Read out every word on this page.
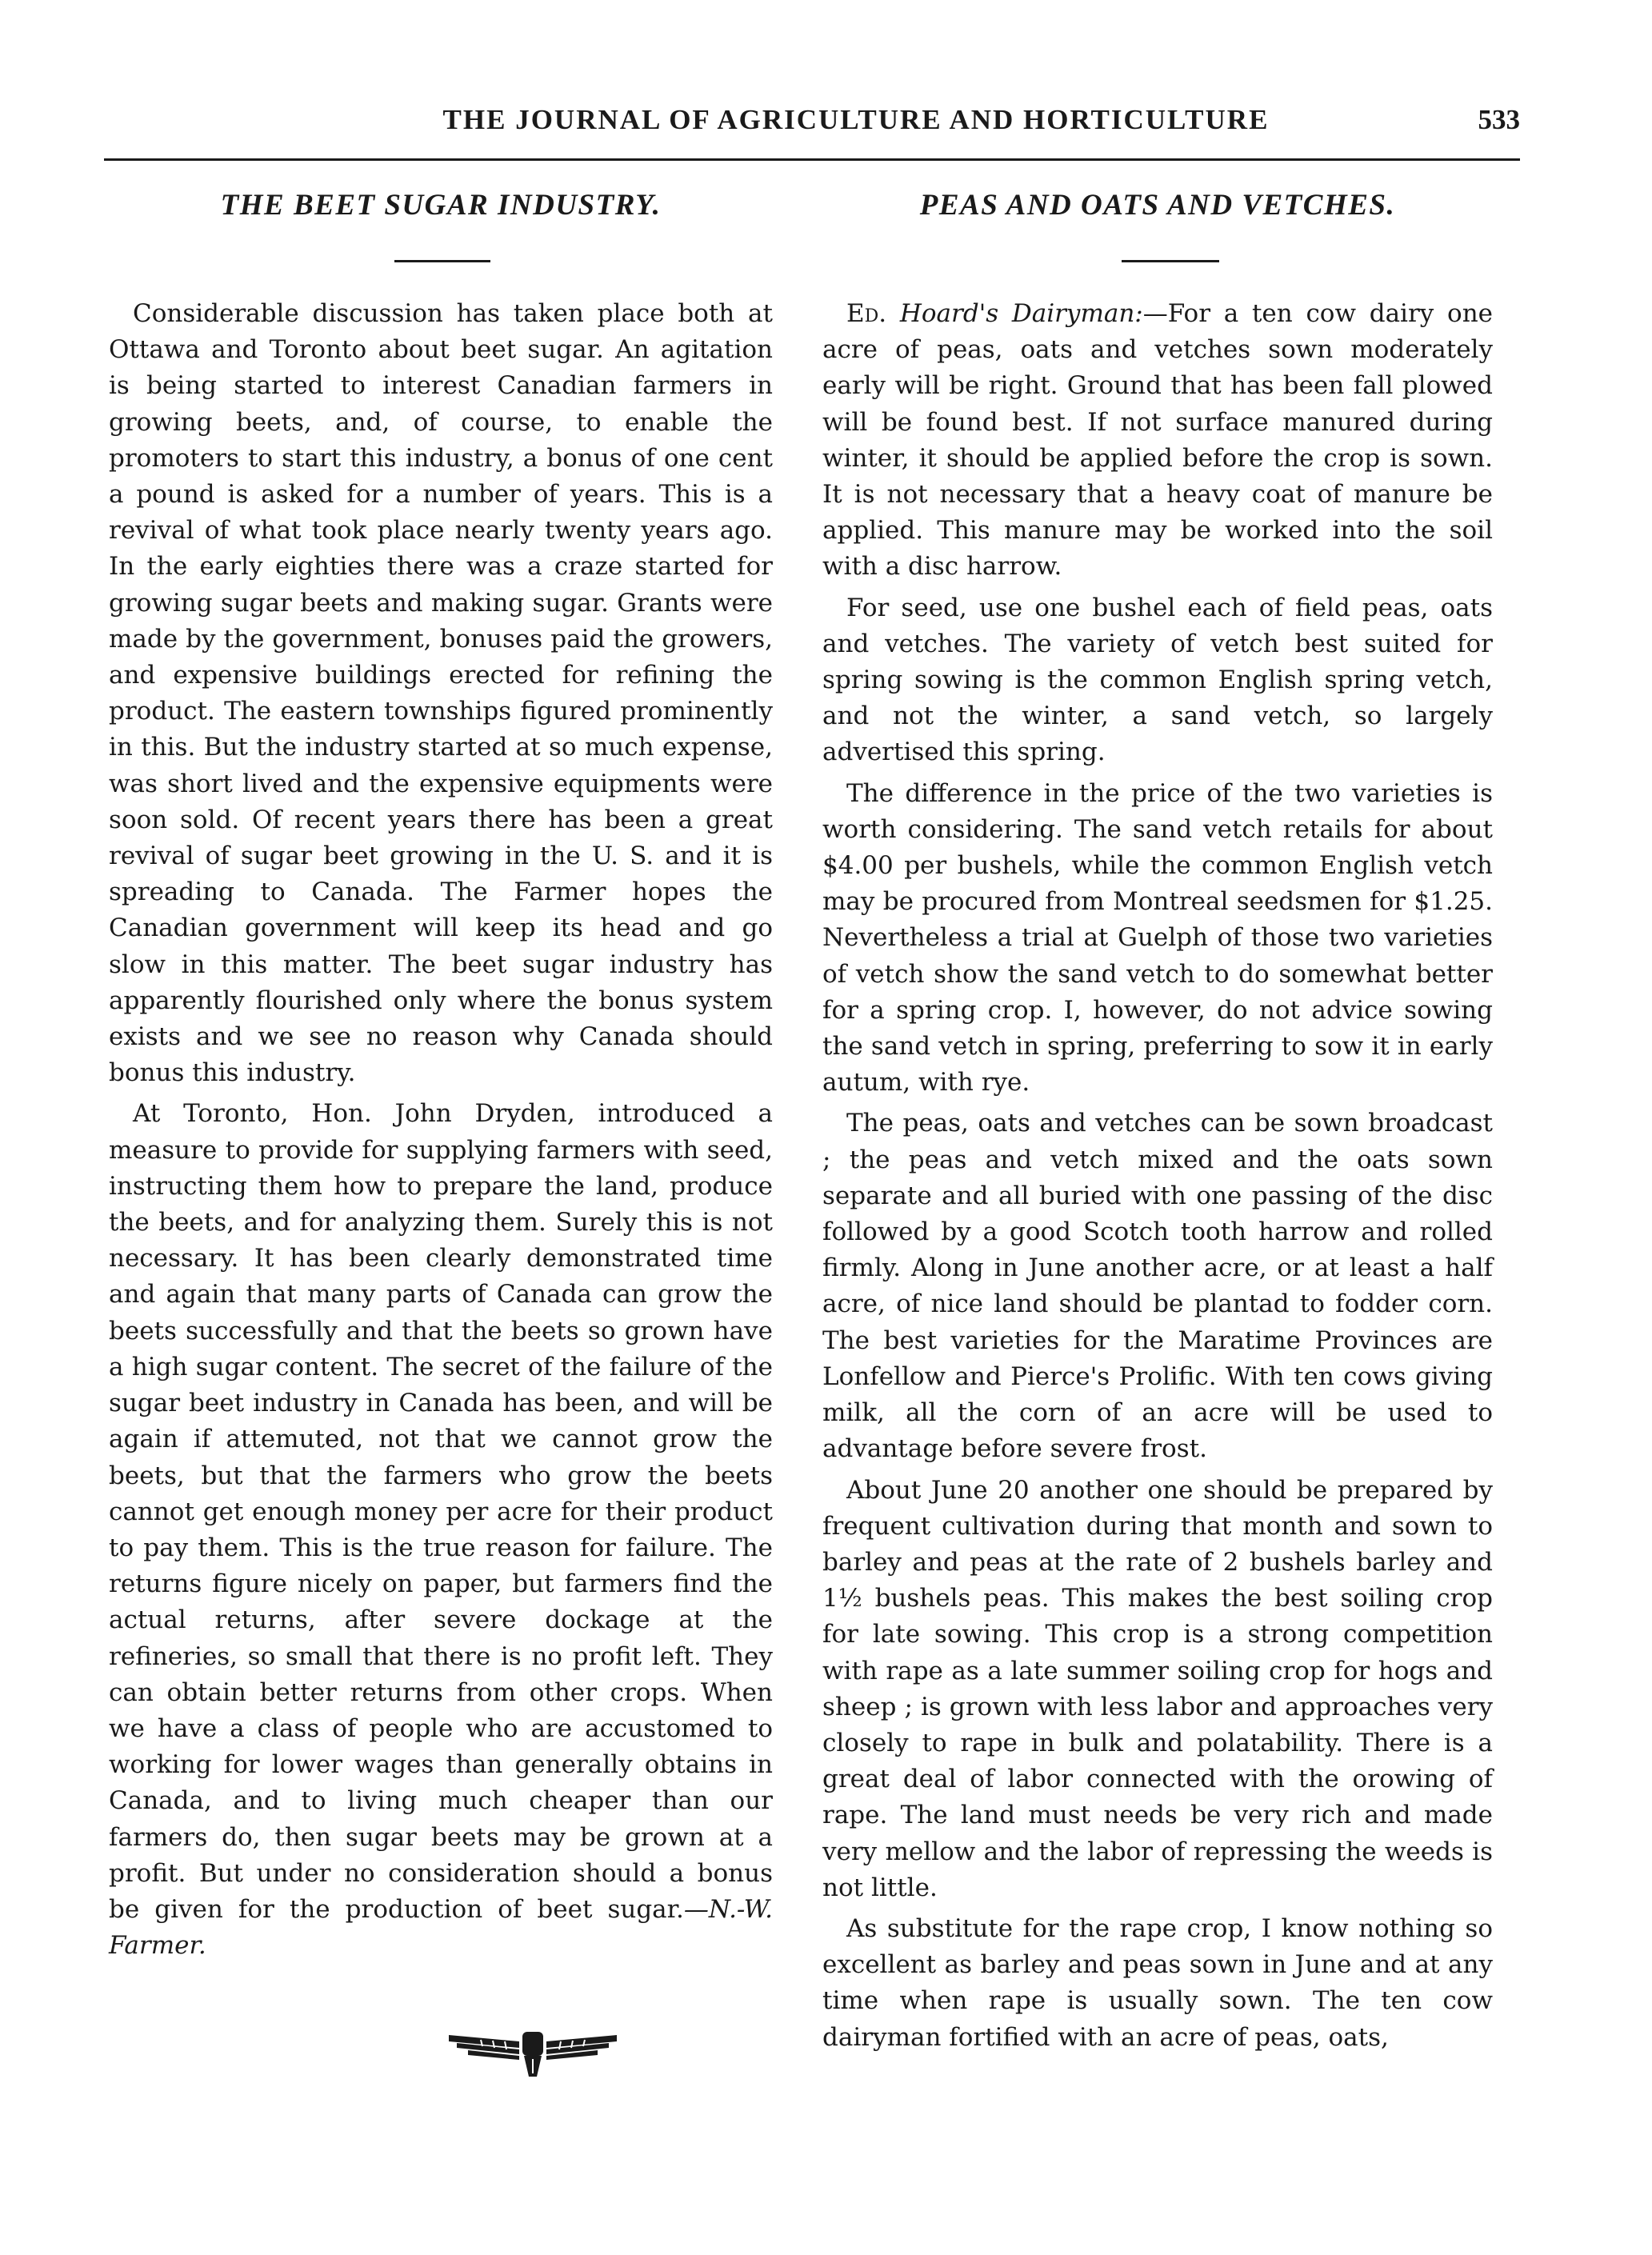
THE JOURNAL OF AGRICULTURE AND HORTICULTURE	533
THE BEET SUGAR INDUSTRY.

Considerable discussion has taken place both at Ottawa and Toronto about beet sugar. An agitation is being started to interest Canadian farmers in growing beets, and, of course, to enable the promoters to start this industry, a bonus of one cent a pound is asked for a number of years. This is a revival of what took place nearly twenty years ago. In the early eighties there was a craze started for growing sugar beets and making sugar. Grants were made by the government, bonuses paid the growers, and expensive buildings erected for refining the product. The eastern townships figured prominently in this. But the industry started at so much expense, was short lived and the expensive equipments were soon sold. Of recent years there has been a great revival of sugar beet growing in the U. S. and it is spreading to Canada. The Farmer hopes the Canadian government will keep its head and go slow in this matter. The beet sugar industry has apparently flourished only where the bonus system exists and we see no reason why Canada should bonus this industry.

At Toronto, Hon. John Dryden, introduced a measure to provide for supplying farmers with seed, instructing them how to prepare the land, produce the beets, and for analyzing them. Surely this is not necessary. It has been clearly demonstrated time and again that many parts of Canada can grow the beets successfully and that the beets so grown have a high sugar content. The secret of the failure of the sugar beet industry in Canada has been, and will be again if attemuted, not that we cannot grow the beets, but that the farmers who grow the beets cannot get enough money per acre for their product to pay them. This is the true reason for failure. The returns figure nicely on paper, but farmers find the actual returns, after severe dockage at the refineries, so small that there is no profit left. They can obtain better returns from other crops. When we have a class of people who are accustomed to working for lower wages than generally obtains in Canada, and to living much cheaper than our farmers do, then sugar beets may be grown at a profit. But under no consideration should a bonus be given for the production of beet sugar.—N.-W. Farmer.

PEAS AND OATS AND VETCHES.

Ed. Hoard's Dairyman:—For a ten cow dairy one acre of peas, oats and vetches sown moderately early will be right. Ground that has been fall plowed will be found best. If not surface manured during winter, it should be applied before the crop is sown. It is not necessary that a heavy coat of manure be applied. This manure may be worked into the soil with a disc harrow.

For seed, use one bushel each of field peas, oats and vetches. The variety of vetch best suited for spring sowing is the common English spring vetch, and not the winter, a sand vetch, so largely advertised this spring.

The difference in the price of the two varieties is worth considering. The sand vetch retails for about $4.00 per bushels, while the common English vetch may be procured from Montreal seedsmen for $1.25. Nevertheless a trial at Guelph of those two varieties of vetch show the sand vetch to do somewhat better for a spring crop. I, however, do not advice sowing the sand vetch in spring, preferring to sow it in early autum, with rye.

The peas, oats and vetches can be sown broadcast ; the peas and vetch mixed and the oats sown separate and all buried with one passing of the disc followed by a good Scotch tooth harrow and rolled firmly. Along in June another acre, or at least a half acre, of nice land should be plantad to fodder corn. The best varieties for the Maratime Provinces are Lonfellow and Pierce's Prolific. With ten cows giving milk, all the corn of an acre will be used to advantage before severe frost.

About June 20 another one should be prepared by frequent cultivation during that month and sown to barley and peas at the rate of 2 bushels barley and 1½ bushels peas. This makes the best soiling crop for late sowing. This crop is a strong competition with rape as a late summer soiling crop for hogs and sheep ; is grown with less labor and approaches very closely to rape in bulk and polatability. There is a great deal of labor connected with the orowing of rape. The land must needs be very rich and made very mellow and the labor of repressing the weeds is not little.

As substitute for the rape crop, I know nothing so excellent as barley and peas sown in June and at any time when rape is usually sown. The ten cow dairyman fortified with an acre of peas, oats,
